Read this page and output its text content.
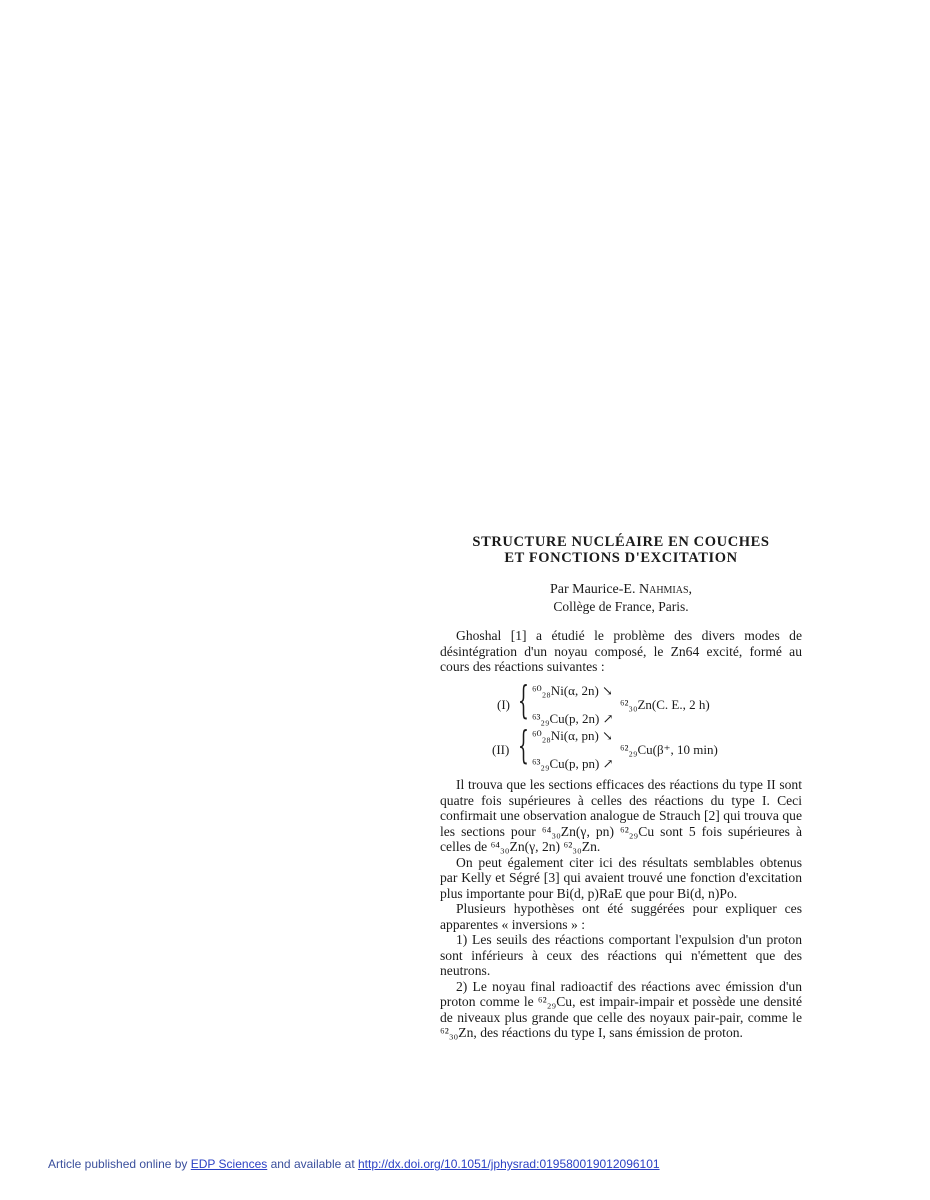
STRUCTURE NUCLÉAIRE EN COUCHES
ET FONCTIONS D'EXCITATION
Par Maurice-E. Nahmias,
Collège de France, Paris.
Ghoshal [1] a étudié le problème des divers modes de désintégration d'un noyau composé, le Zn64 excité, formé au cours des réactions suivantes :
(I) { ⁶⁰₂₈Ni(α, 2n) ↘
⁶³₂₉Cu(p, 2n) ↗
⁶²₃₀Zn(C. E., 2 h)
(II) { ⁶⁰₂₈Ni(α, pn) ↘
⁶³₂₉Cu(p, pn) ↗
⁶²₂₉Cu(β⁺, 10 min)
Il trouva que les sections efficaces des réactions du type II sont quatre fois supérieures à celles des réactions du type I. Ceci confirmait une observation analogue de Strauch [2] qui trouva que les sections pour ⁶⁴₃₀Zn(γ, pn) ⁶²₂₉Cu sont 5 fois supérieures à celles de ⁶⁴₃₀Zn(γ, 2n) ⁶²₃₀Zn.
On peut également citer ici des résultats semblables obtenus par Kelly et Ségré [3] qui avaient trouvé une fonction d'excitation plus importante pour Bi(d, p)RaE que pour Bi(d, n)Po.
Plusieurs hypothèses ont été suggérées pour expliquer ces apparentes « inversions » :
1) Les seuils des réactions comportant l'expulsion d'un proton sont inférieurs à ceux des réactions qui n'émettent que des neutrons.
2) Le noyau final radioactif des réactions avec émission d'un proton comme le ⁶²₂₉Cu, est impair-impair et possède une densité de niveaux plus grande que celle des noyaux pair-pair, comme le ⁶²₃₀Zn, des réactions du type I, sans émission de proton.
Article published online by EDP Sciences and available at http://dx.doi.org/10.1051/jphysrad:019580019012096101
